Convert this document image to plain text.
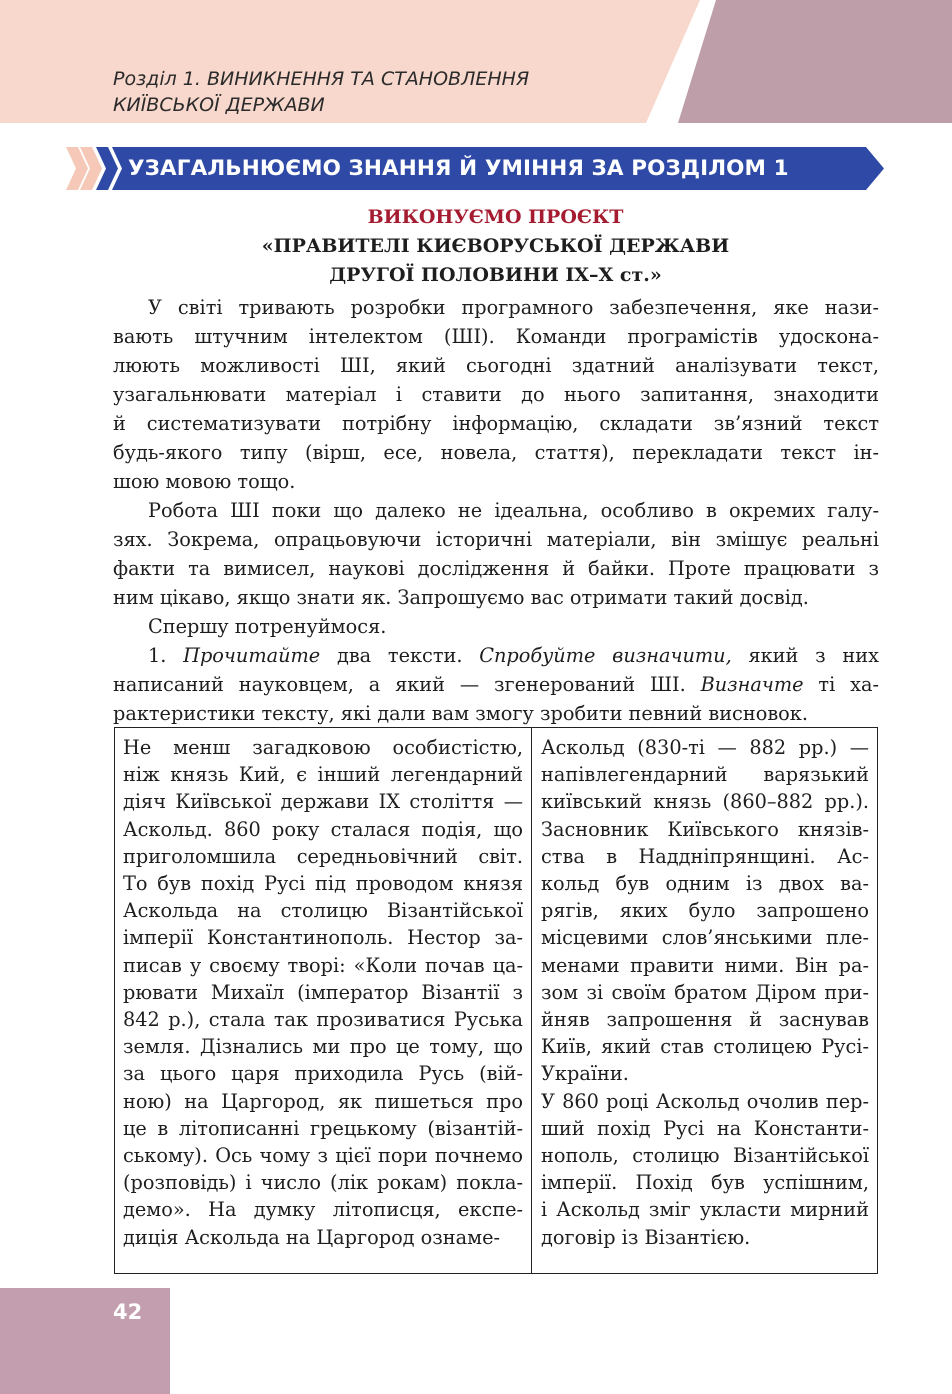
Розділ 1. ВИНИКНЕННЯ ТА СТАНОВЛЕННЯ
КИЇВСЬКОЇ ДЕРЖАВИ
УЗАГАЛЬНЮЄМО ЗНАННЯ Й УМІННЯ ЗА РОЗДІЛОМ 1
ВИКОНУЄМО ПРОЄКТ
«ПРАВИТЕЛІ КИЄВОРУСЬКОЇ ДЕРЖАВИ
ДРУГОЇ ПОЛОВИНИ ІХ–Х ст.»
У світі тривають розробки програмного забезпечення, яке нази-
вають штучним інтелектом (ШІ). Команди програмістів удоскона-
люють можливості ШІ, який сьогодні здатний аналізувати текст,
узагальнювати матеріал і ставити до нього запитання, знаходити
й систематизувати потрібну інформацію, складати зв’язний текст
будь-якого типу (вірш, есе, новела, стаття), перекладати текст ін-
шою мовою тощо.
Робота ШІ поки що далеко не ідеальна, особливо в окремих галу-
зях. Зокрема, опрацьовуючи історичні матеріали, він змішує реальні
факти та вимисел, наукові дослідження й байки. Проте працювати з
ним цікаво, якщо знати як. Запрошуємо вас отримати такий досвід.
Спершу потренуймося.
1. Прочитайте два тексти. Спробуйте визначити, який з них
написаний науковцем, а який — згенерований ШІ. Визначте ті ха-
рактеристики тексту, які дали вам змогу зробити певний висновок.
Не менш загадковою особистістю,
ніж князь Кий, є інший легендарний
діяч Київської держави IX століття —
Аскольд. 860 року сталася подія, що
приголомшила середньовічний світ.
То був похід Русі під проводом князя
Аскольда на столицю Візантійської
імперії Константинополь. Нестор за-
писав у своєму творі: «Коли почав ца-
рювати Михаїл (імператор Візантії з
842 р.), стала так прозиватися Руська
земля. Дізнались ми про це тому, що
за цього царя приходила Русь (вій-
ною) на Царгород, як пишеться про
це в літописанні грецькому (візантій-
ському). Ось чому з цієї пори почнемо
(розповідь) і число (лік рокам) покла-
демо». На думку літописця, експе-
диція Аскольда на Царгород ознаме-
Аскольд (830-ті — 882 рр.) —
напівлегендарний варязький
київський князь (860–882 рр.).
Засновник Київського князів-
ства в Наддніпрянщині. Ас-
кольд був одним із двох ва-
рягів, яких було запрошено
місцевими слов’янськими пле-
менами правити ними. Він ра-
зом зі своїм братом Діром при-
йняв запрошення й заснував
Київ, який став столицею Русі-
України.
У 860 році Аскольд очолив пер-
ший похід Русі на Константи-
нополь, столицю Візантійської
імперії. Похід був успішним,
і Аскольд зміг укласти мирний
договір із Візантією.
42
